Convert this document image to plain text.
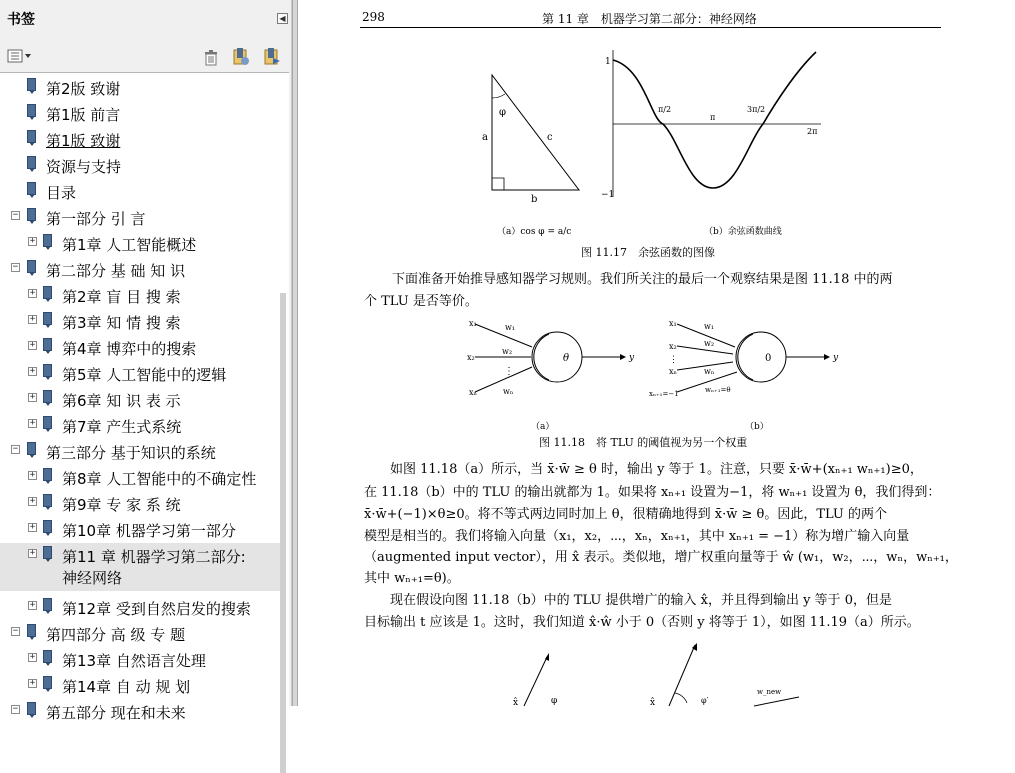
书签	◀
第2版 致谢
第1版 前言
第1版 致谢
资源与支持
目录
− 第一部分 引 言
+ 第1章 人工智能概述
− 第二部分 基 础 知 识
+ 第2章 盲 目 搜 索
+ 第3章 知 情 搜 索
+ 第4章 博弈中的搜索
+ 第5章 人工智能中的逻辑
+ 第6章 知 识 表 示
+ 第7章 产生式系统
− 第三部分 基于知识的系统
+ 第8章 人工智能中的不确定性
+ 第9章 专 家 系 统
+ 第10章 机器学习第一部分
+ 第11 章 机器学习第二部分:
神经网络
+ 第12章 受到自然启发的搜索
− 第四部分 高 级 专 题
+ 第13章 自然语言处理
+ 第14章 自 动 规 划
− 第五部分 现在和未来
298	第 11 章　机器学习第二部分：神经网络
φ
a	c
b
1
−1
π/2
π
3π/2
2π
（a）cos φ = a/c	（b）余弦函数曲线
图 11.17　余弦函数的图像
下面准备开始推导感知器学习规则。我们所关注的最后一个观察结果是图 11.18 中的两
个 TLU 是否等价。
x₁
x₂
⋮
xₙ
w₁
w₂
wₙ
θ	y
x₁
x₂
⋮
xₙ
xₙ₊₁=−1
w₁
w₂
wₙ
wₙ₊₁=θ
0	y
（a）	（b）
图 11.18　将 TLU 的阈值视为另一个权重
　　如图 11.18（a）所示，当 x̄·w̄ ≥ θ 时，输出 y 等于 1。注意，只要 x̄·w̄+(xₙ₊₁ wₙ₊₁)≥0，
在 11.18（b）中的 TLU 的输出就都为 1。如果将 xₙ₊₁ 设置为−1，将 wₙ₊₁ 设置为 θ，我们得到：
x̄·w̄+(−1)×θ≥0。将不等式两边同时加上 θ，很精确地得到 x̄·w̄ ≥ θ。因此，TLU 的两个
模型是相当的。我们将输入向量（x₁，x₂，⋯，xₙ，xₙ₊₁，其中 xₙ₊₁ = −1）称为增广输入向量
（augmented input vector），用 x̂ 表示。类似地，增广权重向量等于 ŵ (w₁，w₂，⋯，wₙ，wₙ₊₁，
其中 wₙ₊₁=θ)。
　　现在假设向图 11.18（b）中的 TLU 提供增广的输入 x̂，并且得到输出 y 等于 0，但是
目标输出 t 应该是 1。这时，我们知道 x̂·ŵ 小于 0（否则 y 将等于 1），如图 11.19（a）所示。
φ
x̂	x̂	φ′
w_new
